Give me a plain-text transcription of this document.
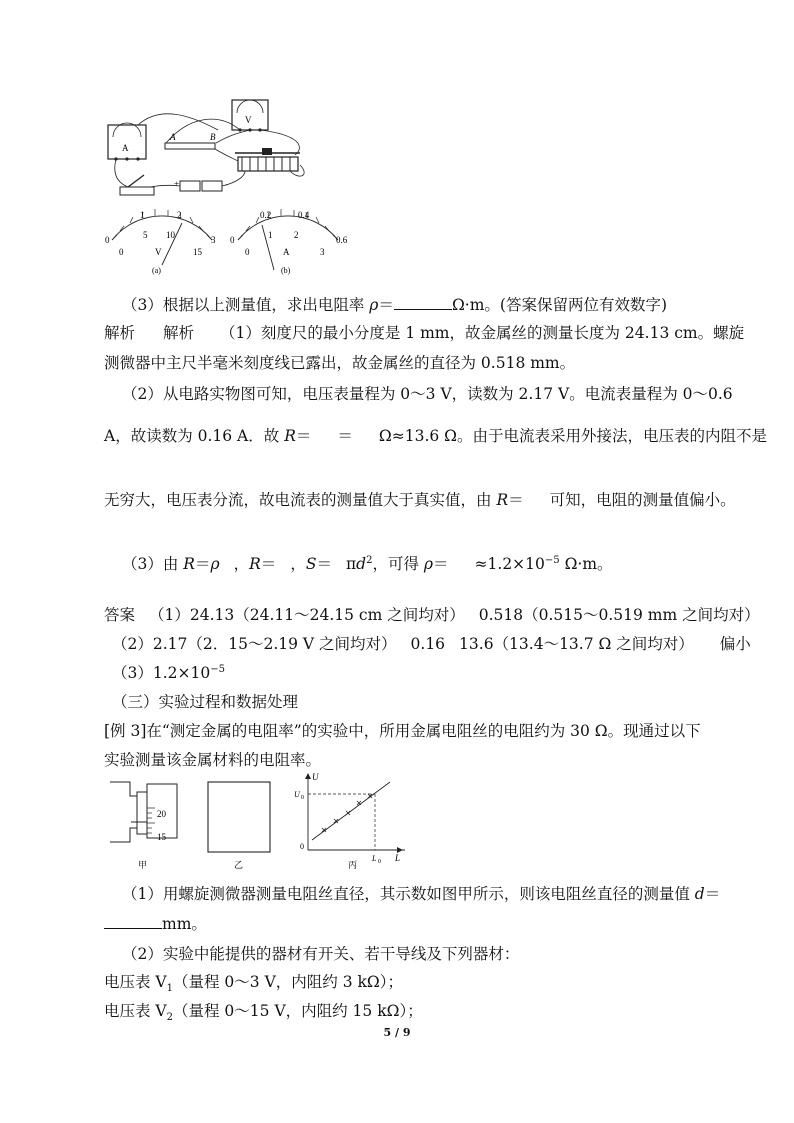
A
V
A	B
+	-
0
1	2
3
0
5 10
15
V
(a)
0
0.2	0.4
0.6
0
1 2
3
A
(b)
（3）根据以上测量值，求出电阻率 ρ＝	Ω·m。(答案保留两位有效数字)
解析 解析 （1）刻度尺的最小分度是 1 mm，故金属丝的测量长度为 24.13 cm。螺旋
测微器中主尺半毫米刻度线已露出，故金属丝的直径为 0.518 mm。
（2）从电路实物图可知，电压表量程为 0～3 V，读数为 2.17 V。电流表量程为 0～0.6
A，故读数为 0.16 A．故 R＝ ＝ Ω≈13.6 Ω。由于电流表采用外接法，电压表的内阻不是
无穷大，电压表分流，故电流表的测量值大于真实值，由 R＝ 可知，电阻的测量值偏小。
（3）由 R＝ρ ，R＝ ，$S= \pi d^2$，可得 $\rho= \approx 1.2\times 10^{-5}$ Ω·m。
答案 （1）24.13（24.11～24.15 cm 之间均对） 0.518（0.515～0.519 mm 之间均对）
（2）2.17（2．15～2.19 V 之间均对） 0.16 13.6（13.4～13.7 Ω 之间均对） 偏小
$(3)1.2\times 10^{-5}$
（三）实验过程和数据处理
[例 3]在“测定金属的电阻率”的实验中，所用金属电阻丝的电阻约为 30 Ω。现通过以下
实验测量该金属材料的电阻率。
20
15
甲	乙
U
L
0
U 0
L 0
丙
（1）用螺旋测微器测量电阻丝直径，其示数如图甲所示，则该电阻丝直径的测量值 d＝
mm。
（2）实验中能提供的器材有开关、若干导线及下列器材：
电压表 $V_1$（量程 0～3 V，内阻约 3 kΩ）；
电压表 $V_2$（量程 0～15 V，内阻约 15 kΩ）；
5 / 9
